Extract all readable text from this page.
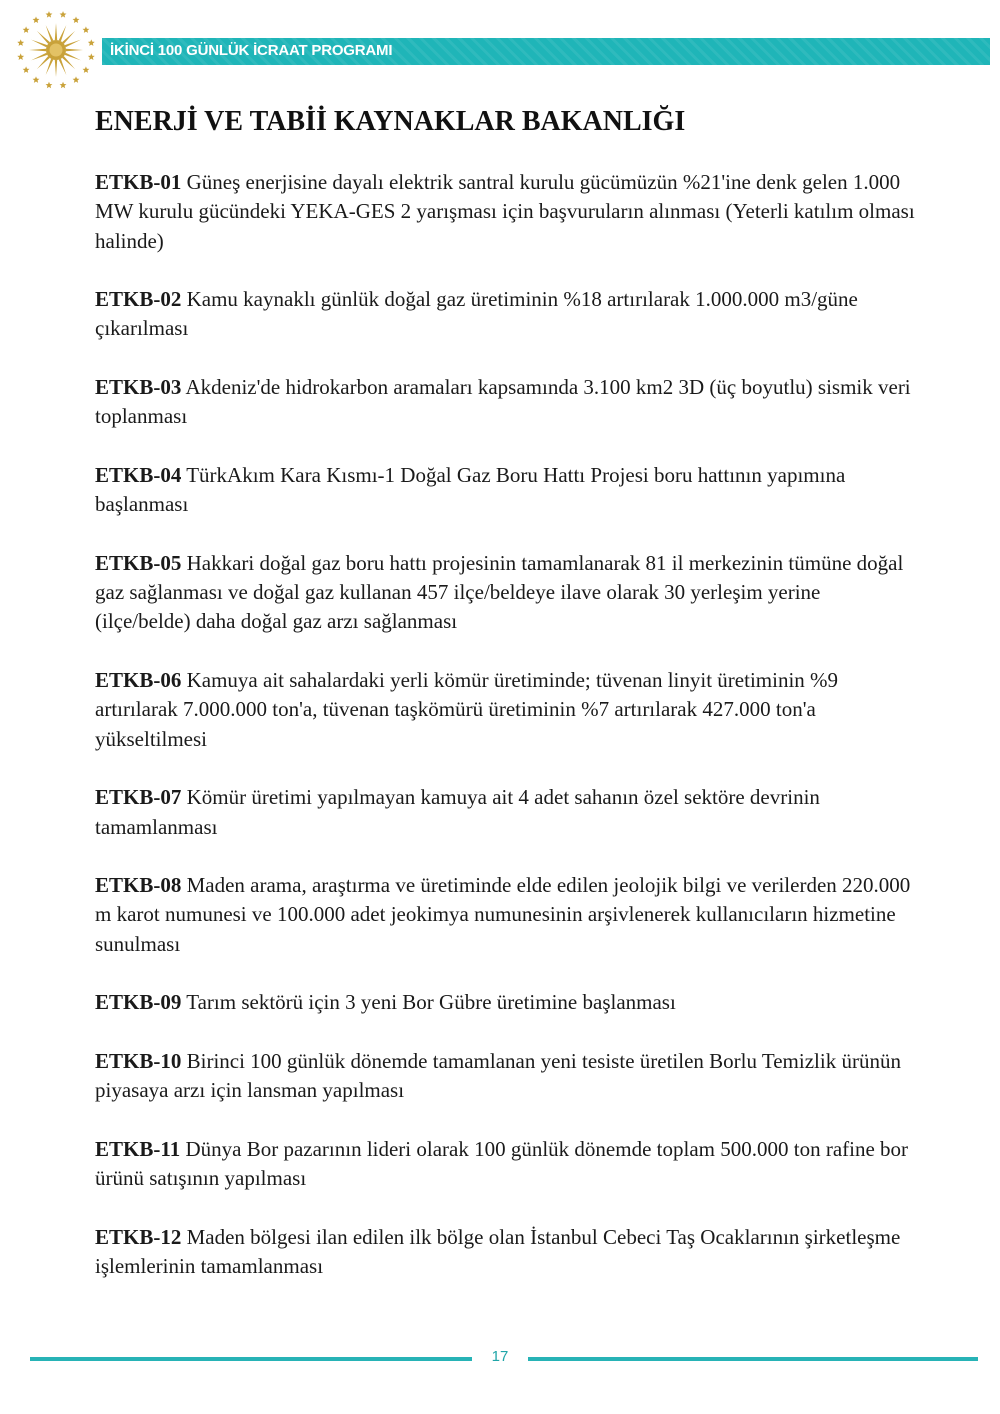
İKİNCİ 100 GÜNLÜK İCRAAT PROGRAMI
ENERJİ VE TABİİ KAYNAKLAR BAKANLIĞI

ETKB-01 Güneş enerjisine dayalı elektrik santral kurulu gücümüzün %21'ine denk gelen 1.000 MW kurulu gücündeki YEKA-GES 2 yarışması için başvuruların alınması (Yeterli katılım olması halinde)

ETKB-02 Kamu kaynaklı günlük doğal gaz üretiminin %18 artırılarak 1.000.000 m3/güne çıkarılması

ETKB-03 Akdeniz'de hidrokarbon aramaları kapsamında 3.100 km2 3D (üç boyutlu) sismik veri toplanması

ETKB-04 TürkAkım Kara Kısmı-1 Doğal Gaz Boru Hattı Projesi boru hattının yapımına başlanması

ETKB-05 Hakkari doğal gaz boru hattı projesinin tamamlanarak 81 il merkezinin tümüne doğal gaz sağlanması ve doğal gaz kullanan 457 ilçe/beldeye ilave olarak 30 yerleşim yerine (ilçe/belde) daha doğal gaz arzı sağlanması

ETKB-06 Kamuya ait sahalardaki yerli kömür üretiminde; tüvenan linyit üretiminin %9 artırılarak 7.000.000 ton'a, tüvenan taşkömürü üretiminin %7 artırılarak 427.000 ton'a yükseltilmesi

ETKB-07 Kömür üretimi yapılmayan kamuya ait 4 adet sahanın özel sektöre devrinin tamamlanması

ETKB-08 Maden arama, araştırma ve üretiminde elde edilen jeolojik bilgi ve verilerden 220.000 m karot numunesi ve 100.000 adet jeokimya numunesinin arşivlenerek kullanıcıların hizmetine sunulması

ETKB-09 Tarım sektörü için 3 yeni Bor Gübre üretimine başlanması

ETKB-10 Birinci 100 günlük dönemde tamamlanan yeni tesiste üretilen Borlu Temizlik ürünün piyasaya arzı için lansman yapılması

ETKB-11 Dünya Bor pazarının lideri olarak 100 günlük dönemde toplam 500.000 ton rafine bor ürünü satışının yapılması

ETKB-12 Maden bölgesi ilan edilen ilk bölge olan İstanbul Cebeci Taş Ocaklarının şirketleşme işlemlerinin tamamlanması

17
